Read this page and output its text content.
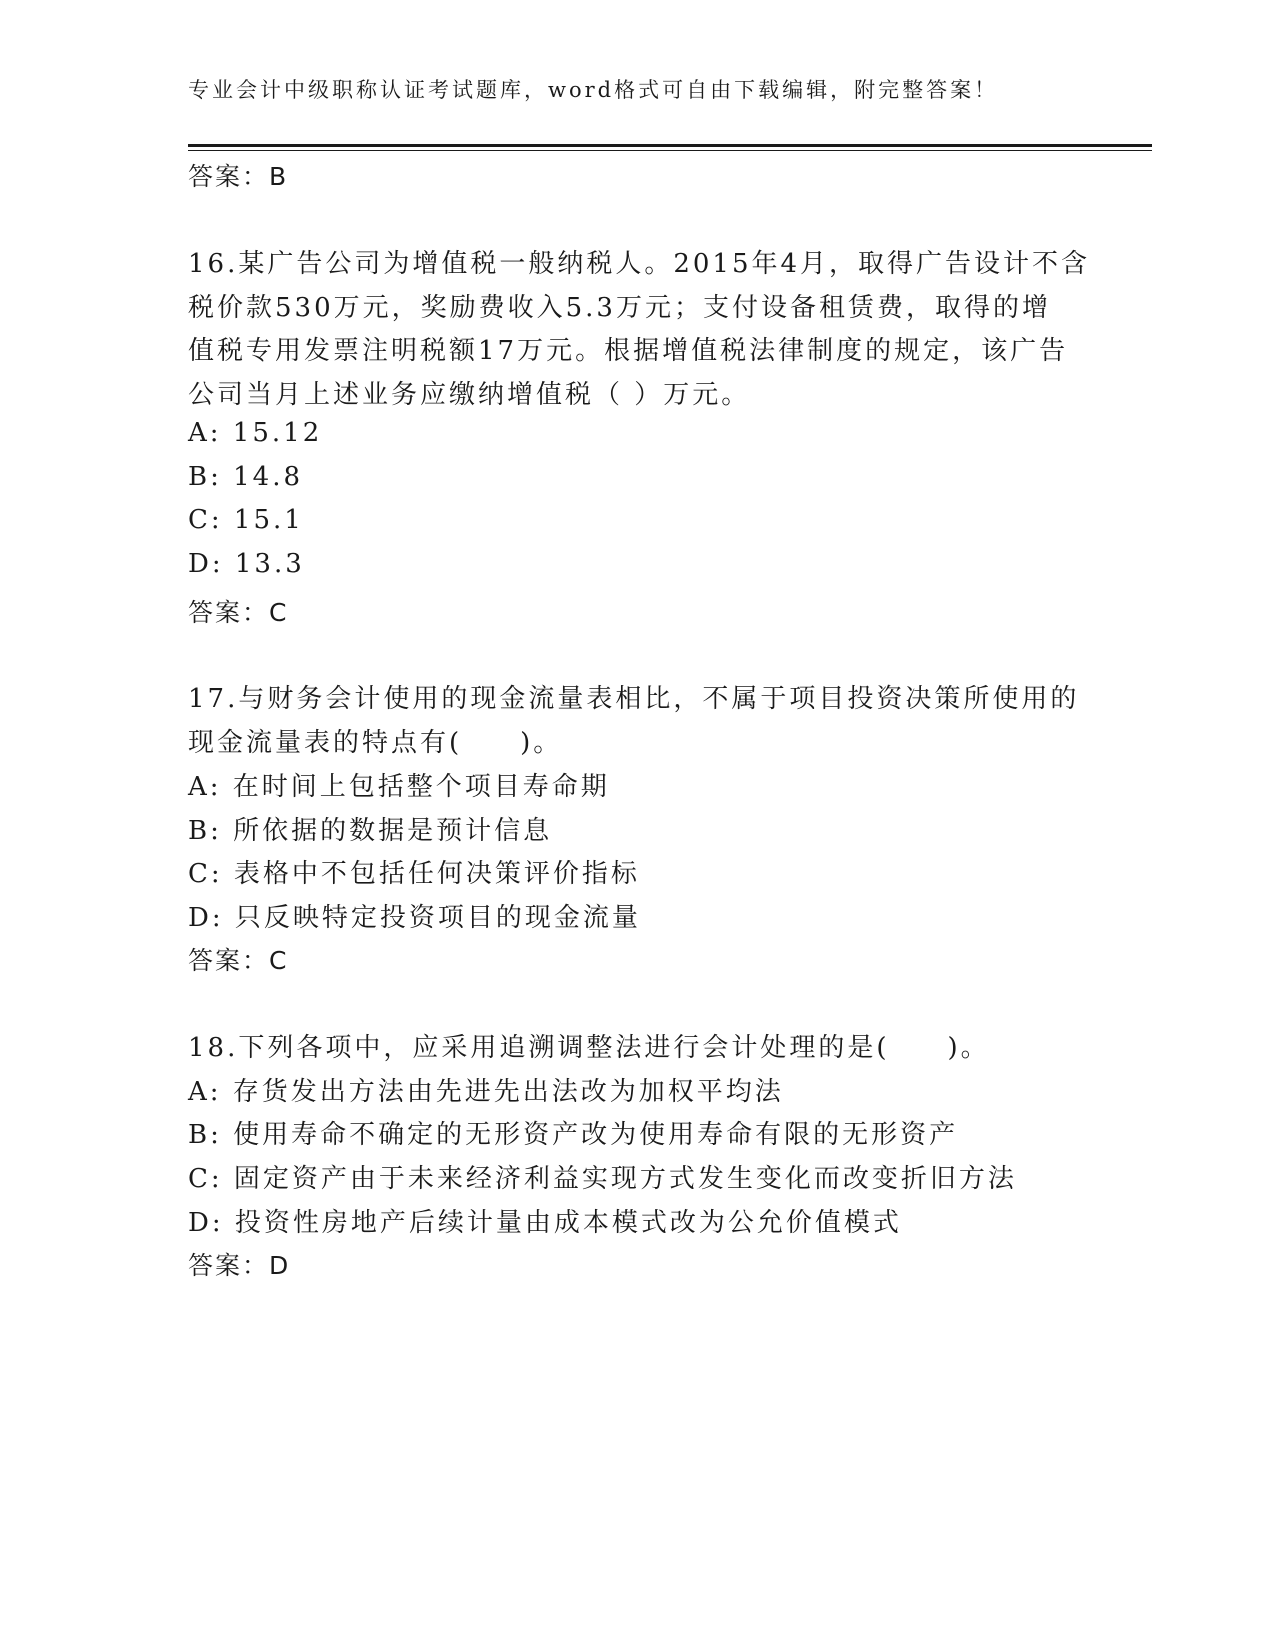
专业会计中级职称认证考试题库，word格式可自由下载编辑，附完整答案！
答案：B
16.某广告公司为增值税一般纳税人。2015年4月，取得广告设计不含
税价款530万元，奖励费收入5.3万元；支付设备租赁费，取得的增
值税专用发票注明税额17万元。根据增值税法律制度的规定，该广告
公司当月上述业务应缴纳增值税（ ）万元。
A: 15.12
B: 14.8
C: 15.1
D: 13.3
答案：C
17.与财务会计使用的现金流量表相比，不属于项目投资决策所使用的
现金流量表的特点有(　　)。
A: 在时间上包括整个项目寿命期
B: 所依据的数据是预计信息
C: 表格中不包括任何决策评价指标
D: 只反映特定投资项目的现金流量
答案：C
18.下列各项中，应采用追溯调整法进行会计处理的是(　　)。
A: 存货发出方法由先进先出法改为加权平均法
B: 使用寿命不确定的无形资产改为使用寿命有限的无形资产
C: 固定资产由于未来经济利益实现方式发生变化而改变折旧方法
D: 投资性房地产后续计量由成本模式改为公允价值模式
答案：D
